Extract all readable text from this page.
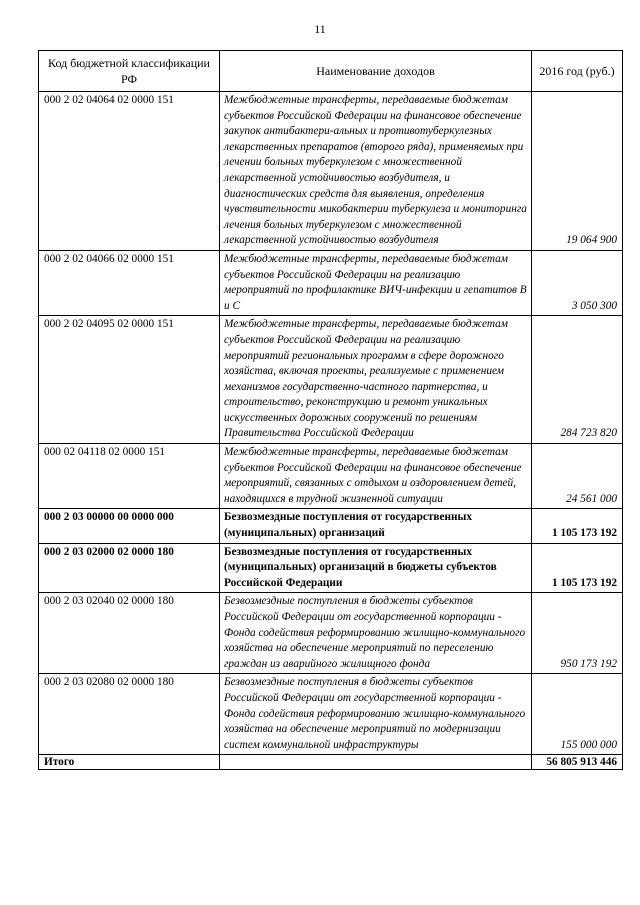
11
Код бюджетной классификации РФ	Наименование доходов	2016 год (руб.)
000 2 02 04064 02 0000 151	Межбюджетные трансферты, передаваемые бюджетам субъектов Российской Федерации на финансовое обеспечение закупок антибактери-альных и противотуберкулезных лекарственных препаратов (второго ряда), применяемых при лечении больных туберкулезом с множественной лекарственной устойчивостью возбудителя, и диагностических средств для выявления, определения чувствительности микобактерии туберкулеза и мониторинга лечения больных туберкулезом с множественной лекарственной устойчивостью возбудителя	19 064 900
000 2 02 04066 02 0000 151	Межбюджетные трансферты, передаваемые бюджетам субъектов Российской Федерации на реализацию мероприятий по профилактике ВИЧ-инфекции и гепатитов В и С	3 050 300
000 2 02 04095 02 0000 151	Межбюджетные трансферты, передаваемые бюджетам субъектов Российской Федерации на реализацию мероприятий региональных программ в сфере дорожного хозяйства, включая проекты, реализуемые с применением механизмов государственно-частного партнерства, и строительство, реконструкцию и ремонт уникальных искусственных дорожных сооружений по решениям Правительства Российской Федерации	284 723 820
000 02 04118 02 0000 151	Межбюджетные трансферты, передаваемые бюджетам субъектов Российской Федерации на финансовое обеспечение мероприятий, связанных с отдыхом и оздоровлением детей, находящихся в трудной жизненной ситуации	24 561 000
000 2 03 00000 00 0000 000	Безвозмездные поступления от государственных (муниципальных) организаций	1 105 173 192
000 2 03 02000 02 0000 180	Безвозмездные поступления от государственных (муниципальных) организаций в бюджеты субъектов Российской Федерации	1 105 173 192
000 2 03 02040 02 0000 180	Безвозмездные поступления в бюджеты субъектов Российской Федерации от государственной корпорации - Фонда содействия реформированию жилищно-коммунального хозяйства на обеспечение мероприятий по переселению граждан из аварийного жилищного фонда	950 173 192
000 2 03 02080 02 0000 180	Безвозмездные поступления в бюджеты субъектов Российской Федерации от государственной корпорации - Фонда содействия реформированию жилищно-коммунального хозяйства на обеспечение мероприятий по модернизации систем коммунальной инфраструктуры	155 000 000
Итого		56 805 913 446
